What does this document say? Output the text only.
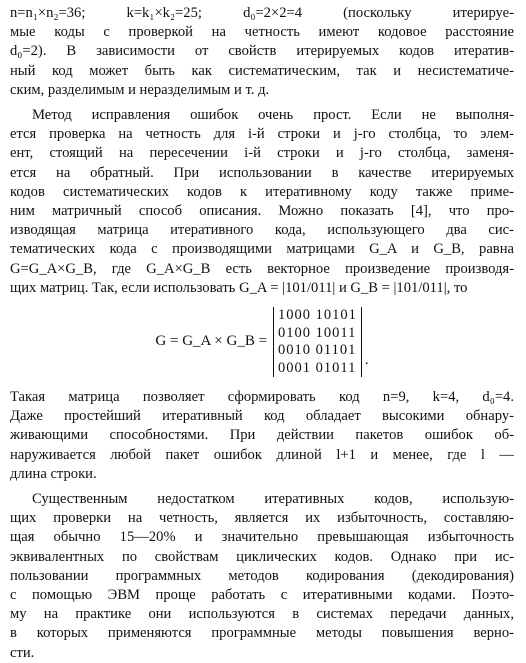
n=n₁×n₂=36; k=k₁×k₂=25; d₀=2×2=4 (поскольку итерируе-

мые коды с проверкой на четность имеют кодовое расстояние

d₀=2). В зависимости от свойств итерируемых кодов итератив-

ный код может быть как систематическим, так и несистематиче-

ским, разделимым и неразделимым и т. д.

Метод исправления ошибок очень прост. Если не выполня-

ется проверка на четность для i-й строки и j-го столбца, то элем-

ент, стоящий на пересечении i-й строки и j-го столбца, заменя-

ется на обратный. При использовании в качестве итерируемых

кодов систематических кодов к итеративному коду также приме-

ним матричный способ описания. Можно показать [4], что про-

изводящая матрица итеративного кода, использующего два сис-

тематических кода с производящими матрицами G_A и G_B, равна

G=G_A×G_B, где G_A×G_B есть векторное произведение производя-

щих матриц. Так, если использовать G_A = |101/011| и G_B = |101/011|, то

G = G_A × G_B =
1000 10101
0100 10011
0010 01101
0001 01011 .

Такая матрица позволяет сформировать код n=9, k=4, d₀=4.

Даже простейший итеративный код обладает высокими обнару-

живающими способностями. При действии пакетов ошибок об-

наруживается любой пакет ошибок длиной l+1 и менее, где l —

длина строки.

Существенным недостатком итеративных кодов, использую-

щих проверки на четность, является их избыточность, составляю-

щая обычно 15—20% и значительно превышающая избыточность

эквивалентных по свойствам циклических кодов. Однако при ис-

пользовании программных методов кодирования (декодирования)

с помощью ЭВМ проще работать с итеративными кодами. Поэто-

му на практике они используются в системах передачи данных,

в которых применяются программные методы повышения верно-

сти.
